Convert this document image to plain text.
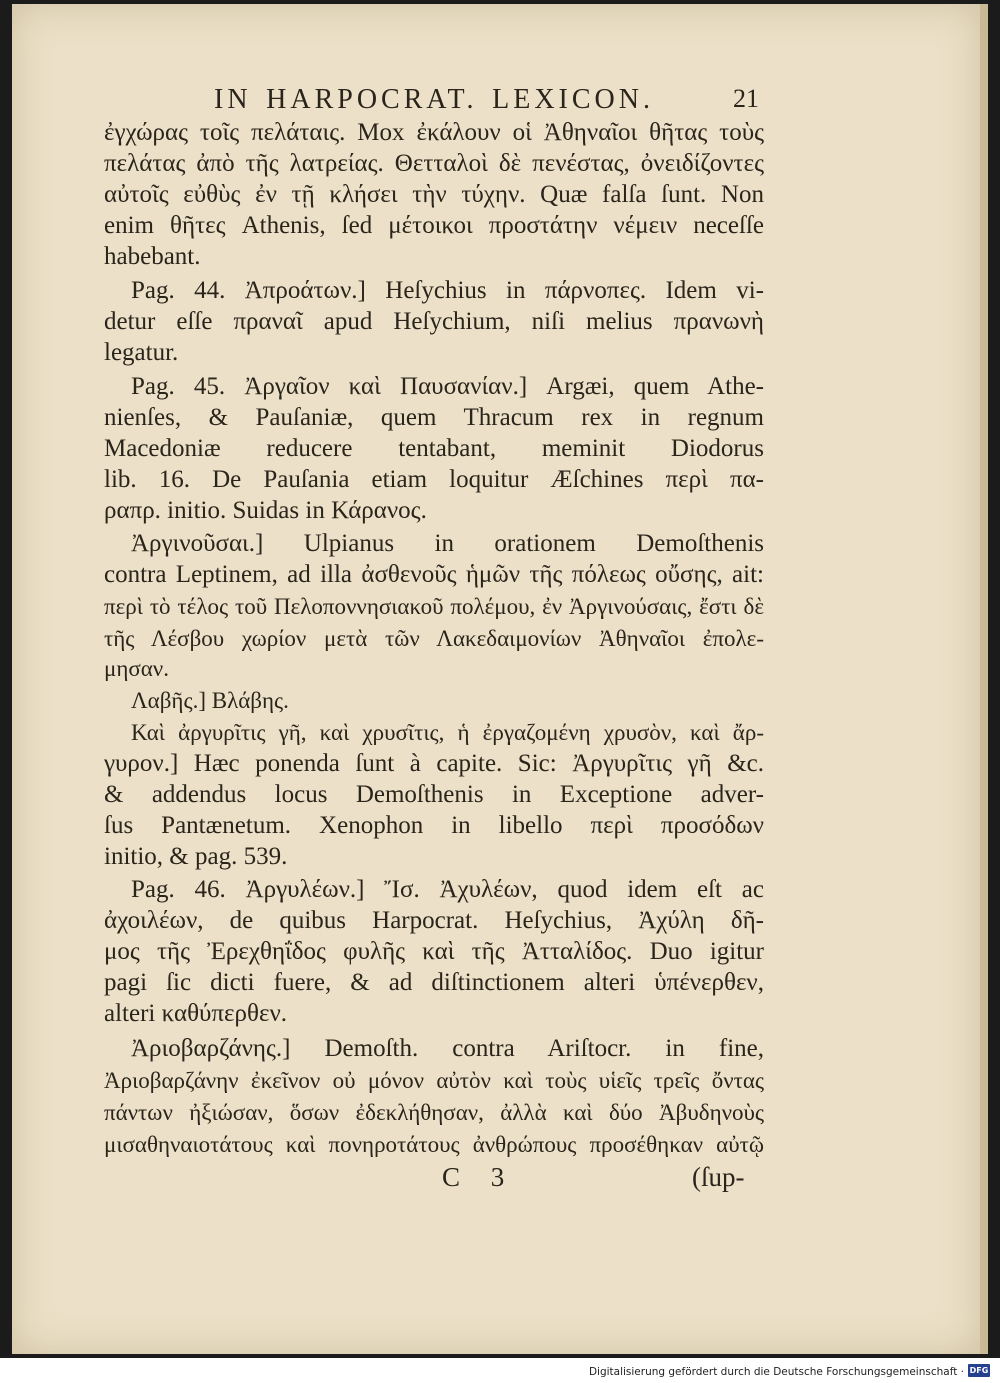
IN HARPOCRAT. LEXICON.	21
ἐγχώρας τοῖς πελάταις. Mox ἐκάλουν οἱ Ἀθηναῖοι θῆτας τοὺς
πελάτας ἀπὸ τῆς λατρείας. Θετταλοὶ δὲ πενέστας, ὀνειδίζοντες
αὐτοῖς εὐθὺς ἐν τῇ κλήσει τὴν τύχην. Quæ falſa ſunt. Non
enim θῆτες Athenis, ſed μέτοικοι προστάτην νέμειν neceſſe
habebant.
Pag. 44. Ἀπροάτων.] Heſychius in πάρνοπες. Idem vi-
detur eſſe πραναῖ apud Heſychium, niſi melius πρανωνὴ
legatur.
Pag. 45. Ἀργαῖον καὶ Παυσανίαν.] Argæi, quem Athe-
nienſes, & Pauſaniæ, quem Thracum rex in regnum
Macedoniæ reducere tentabant, meminit Diodorus
lib. 16. De Pauſania etiam loquitur Æſchines περὶ πα-
ραπρ. initio. Suidas in Κάρανος.
Ἀργινοῦσαι.] Ulpianus in orationem Demoſthenis
contra Leptinem, ad illa ἀσθενοῦς ἡμῶν τῆς πόλεως οὔσης, ait:
περὶ τὸ τέλος τοῦ Πελοποννησιακοῦ πολέμου, ἐν Ἀργινούσαις, ἔστι δὲ
τῆς Λέσβου χωρίον μετὰ τῶν Λακεδαιμονίων Ἀθηναῖοι ἐπολε-
μησαν.
Λαβῆς.] Βλάβης.
Καὶ ἀργυρῖτις γῆ, καὶ χρυσῖτις, ἡ ἐργαζομένη χρυσὸν, καὶ ἄρ-
γυρον.] Hæc ponenda ſunt à capite. Sic: Ἀργυρῖτις γῆ &c.
& addendus locus Demoſthenis in Exceptione adver-
ſus Pantænetum. Xenophon in libello περὶ προσόδων
initio, & pag. 539.
Pag. 46. Ἀργυλέων.] Ἴσ. Ἀχυλέων, quod idem eſt ac
ἀχοιλέων, de quibus Harpocrat. Heſychius, Ἀχύλη δῆ-
μος τῆς Ἐρεχθηΐδος φυλῆς καὶ τῆς Ἀτταλίδος. Duo igitur
pagi ſic dicti fuere, & ad diſtinctionem alteri ὑπένερθεν,
alteri καθύπερθεν.
Ἀριοβαρζάνης.] Demoſth. contra Ariſtocr. in fine,
Ἀριοβαρζάνην ἐκεῖνον οὐ μόνον αὐτὸν καὶ τοὺς υἱεῖς τρεῖς ὄντας
πάντων ἠξιώσαν, ὅσων ἐδεκλήθησαν, ἀλλὰ καὶ δύο Ἀβυδηνοὺς
μισαθηναιοτάτους καὶ πονηροτάτους ἀνθρώπους προσέθηκαν αὐτῷ
C 3	(ſup-
Digitalisierung gefördert durch die Deutsche Forschungsgemeinschaft · DFG
